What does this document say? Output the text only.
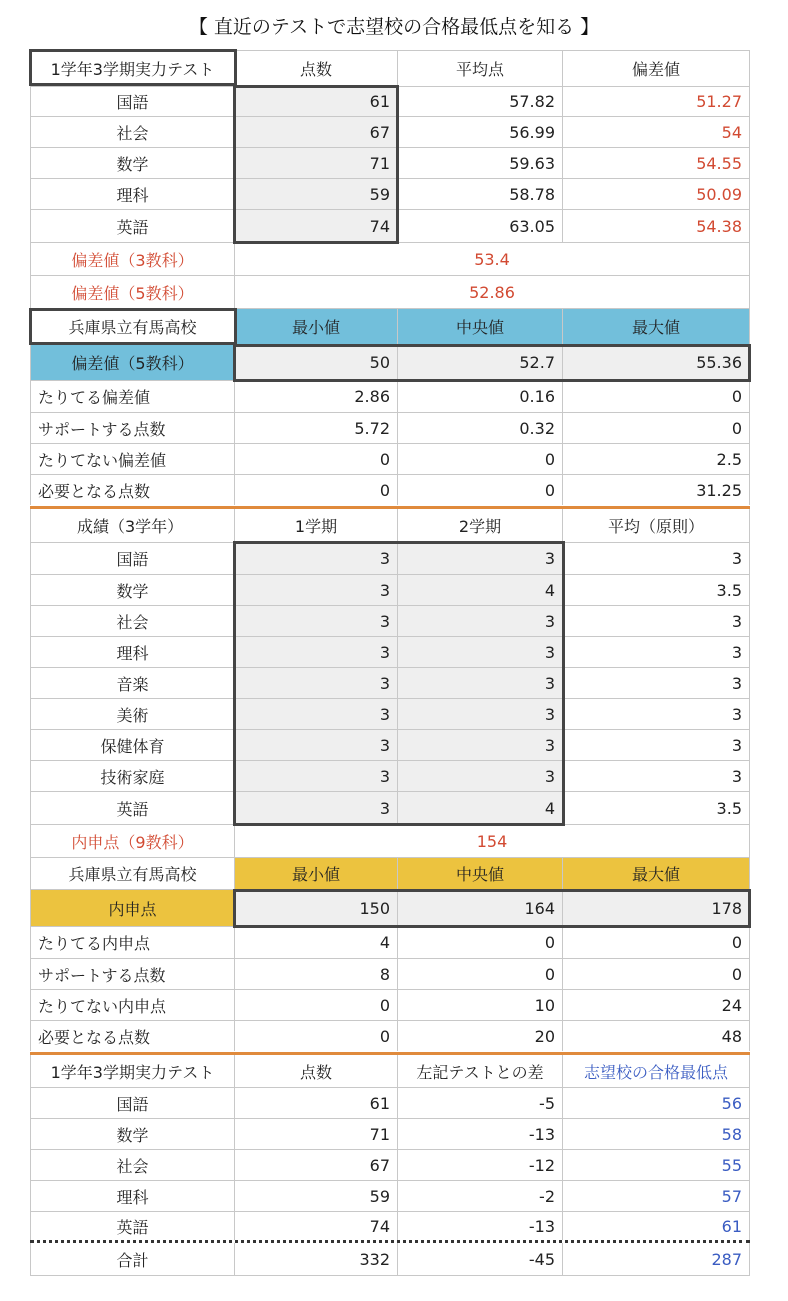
【 直近のテストで志望校の合格最低点を知る 】
1学年3学期実力テスト	点数	平均点	偏差値
国語	61	57.82	51.27
社会	67	56.99	54
数学	71	59.63	54.55
理科	59	58.78	50.09
英語	74	63.05	54.38
偏差値（3教科）	53.4
偏差値（5教科）	52.86
兵庫県立有馬高校	最小値	中央値	最大値
偏差値（5教科）	50	52.7	55.36
たりてる偏差値	2.86	0.16	0
サポートする点数	5.72	0.32	0
たりてない偏差値	0	0	2.5
必要となる点数	0	0	31.25
成績（3学年）	1学期	2学期	平均（原則）
国語	3	3	3
数学	3	4	3.5
社会	3	3	3
理科	3	3	3
音楽	3	3	3
美術	3	3	3
保健体育	3	3	3
技術家庭	3	3	3
英語	3	4	3.5
内申点（9教科）	154
兵庫県立有馬高校	最小値	中央値	最大値
内申点	150	164	178
たりてる内申点	4	0	0
サポートする点数	8	0	0
たりてない内申点	0	10	24
必要となる点数	0	20	48
1学年3学期実力テスト	点数	左記テストとの差	志望校の合格最低点
国語	61	-5	56
数学	71	-13	58
社会	67	-12	55
理科	59	-2	57
英語	74	-13	61
合計	332	-45	287
